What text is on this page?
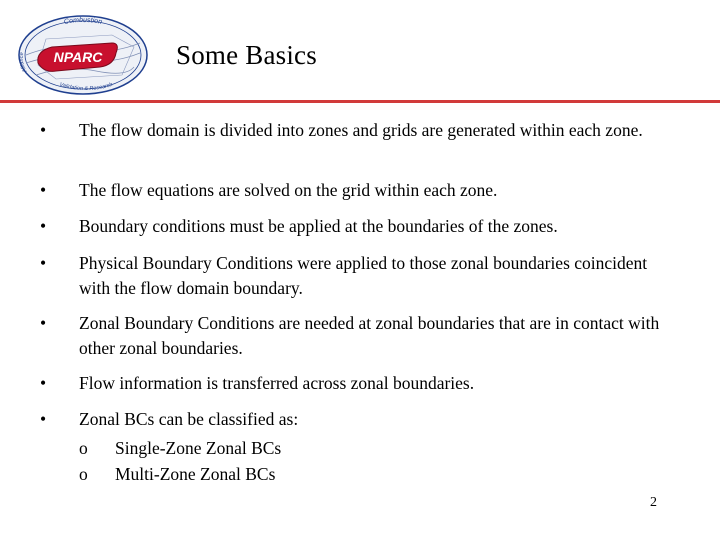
Combustion
Validation & Research
Alliance NPARC	Some Basics
• The flow domain is divided into zones and grids are generated within each zone.
• The flow equations are solved on the grid within each zone.
• Boundary conditions must be applied at the boundaries of the zones.
• Physical Boundary Conditions were applied to those zonal boundaries coincident with the flow domain boundary.
• Zonal Boundary Conditions are needed at zonal boundaries that are in contact with other zonal boundaries.
• Flow information is transferred across zonal boundaries.
• Zonal BCs can be classified as:
o Single-Zone Zonal BCs
o Multi-Zone Zonal BCs
2
